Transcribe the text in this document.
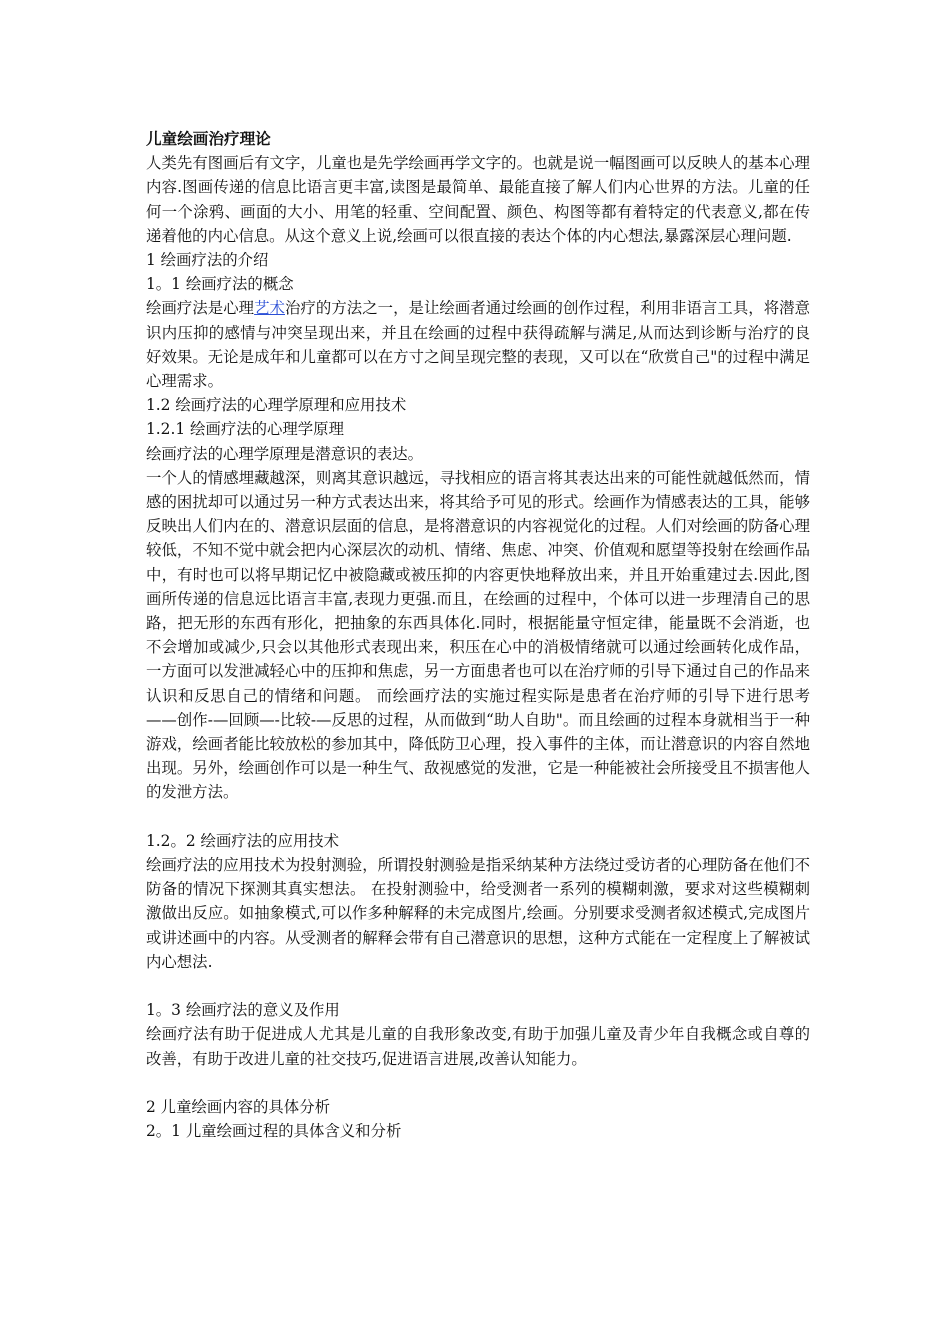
儿童绘画治疗理论

人类先有图画后有文字，儿童也是先学绘画再学文字的。也就是说一幅图画可以反映人的基本心理内容.图画传递的信息比语言更丰富,读图是最简单、最能直接了解人们内心世界的方法。儿童的任何一个涂鸦、画面的大小、用笔的轻重、空间配置、颜色、构图等都有着特定的代表意义,都在传递着他的内心信息。从这个意义上说,绘画可以很直接的表达个体的内心想法,暴露深层心理问题.

1 绘画疗法的介绍
1。1 绘画疗法的概念

绘画疗法是心理艺术治疗的方法之一，是让绘画者通过绘画的创作过程，利用非语言工具，将潜意识内压抑的感情与冲突呈现出来，并且在绘画的过程中获得疏解与满足,从而达到诊断与治疗的良好效果。无论是成年和儿童都可以在方寸之间呈现完整的表现，又可以在“欣赏自己"的过程中满足心理需求。

1.2 绘画疗法的心理学原理和应用技术
1.2.1 绘画疗法的心理学原理

绘画疗法的心理学原理是潜意识的表达。

一个人的情感埋藏越深，则离其意识越远，寻找相应的语言将其表达出来的可能性就越低然而，情感的困扰却可以通过另一种方式表达出来，将其给予可见的形式。绘画作为情感表达的工具，能够反映出人们内在的、潜意识层面的信息，是将潜意识的内容视觉化的过程。人们对绘画的防备心理较低，不知不觉中就会把内心深层次的动机、情绪、焦虑、冲突、价值观和愿望等投射在绘画作品中，有时也可以将早期记忆中被隐藏或被压抑的内容更快地释放出来，并且开始重建过去.因此,图画所传递的信息远比语言丰富,表现力更强.而且，在绘画的过程中，个体可以进一步理清自己的思路，把无形的东西有形化，把抽象的东西具体化.同时，根据能量守恒定律，能量既不会消逝，也不会增加或减少,只会以其他形式表现出来，积压在心中的消极情绪就可以通过绘画转化成作品，一方面可以发泄减轻心中的压抑和焦虑，另一方面患者也可以在治疗师的引导下通过自己的作品来认识和反思自己的情绪和问题。 而绘画疗法的实施过程实际是患者在治疗师的引导下进行思考——创作-—回顾—-比较-—反思的过程，从而做到“助人自助"。而且绘画的过程本身就相当于一种游戏，绘画者能比较放松的参加其中，降低防卫心理，投入事件的主体，而让潜意识的内容自然地出现。另外，绘画创作可以是一种生气、敌视感觉的发泄，它是一种能被社会所接受且不损害他人的发泄方法。

1.2。2 绘画疗法的应用技术

绘画疗法的应用技术为投射测验，所谓投射测验是指采纳某种方法绕过受访者的心理防备在他们不防备的情况下探测其真实想法。 在投射测验中，给受测者一系列的模糊刺激，要求对这些模糊刺激做出反应。如抽象模式,可以作多种解释的未完成图片,绘画。分别要求受测者叙述模式,完成图片或讲述画中的内容。从受测者的解释会带有自己潜意识的思想，这种方式能在一定程度上了解被试内心想法.

1。3 绘画疗法的意义及作用

绘画疗法有助于促进成人尤其是儿童的自我形象改变,有助于加强儿童及青少年自我概念或自尊的改善，有助于改进儿童的社交技巧,促进语言进展,改善认知能力。

2 儿童绘画内容的具体分析
2。1 儿童绘画过程的具体含义和分析
